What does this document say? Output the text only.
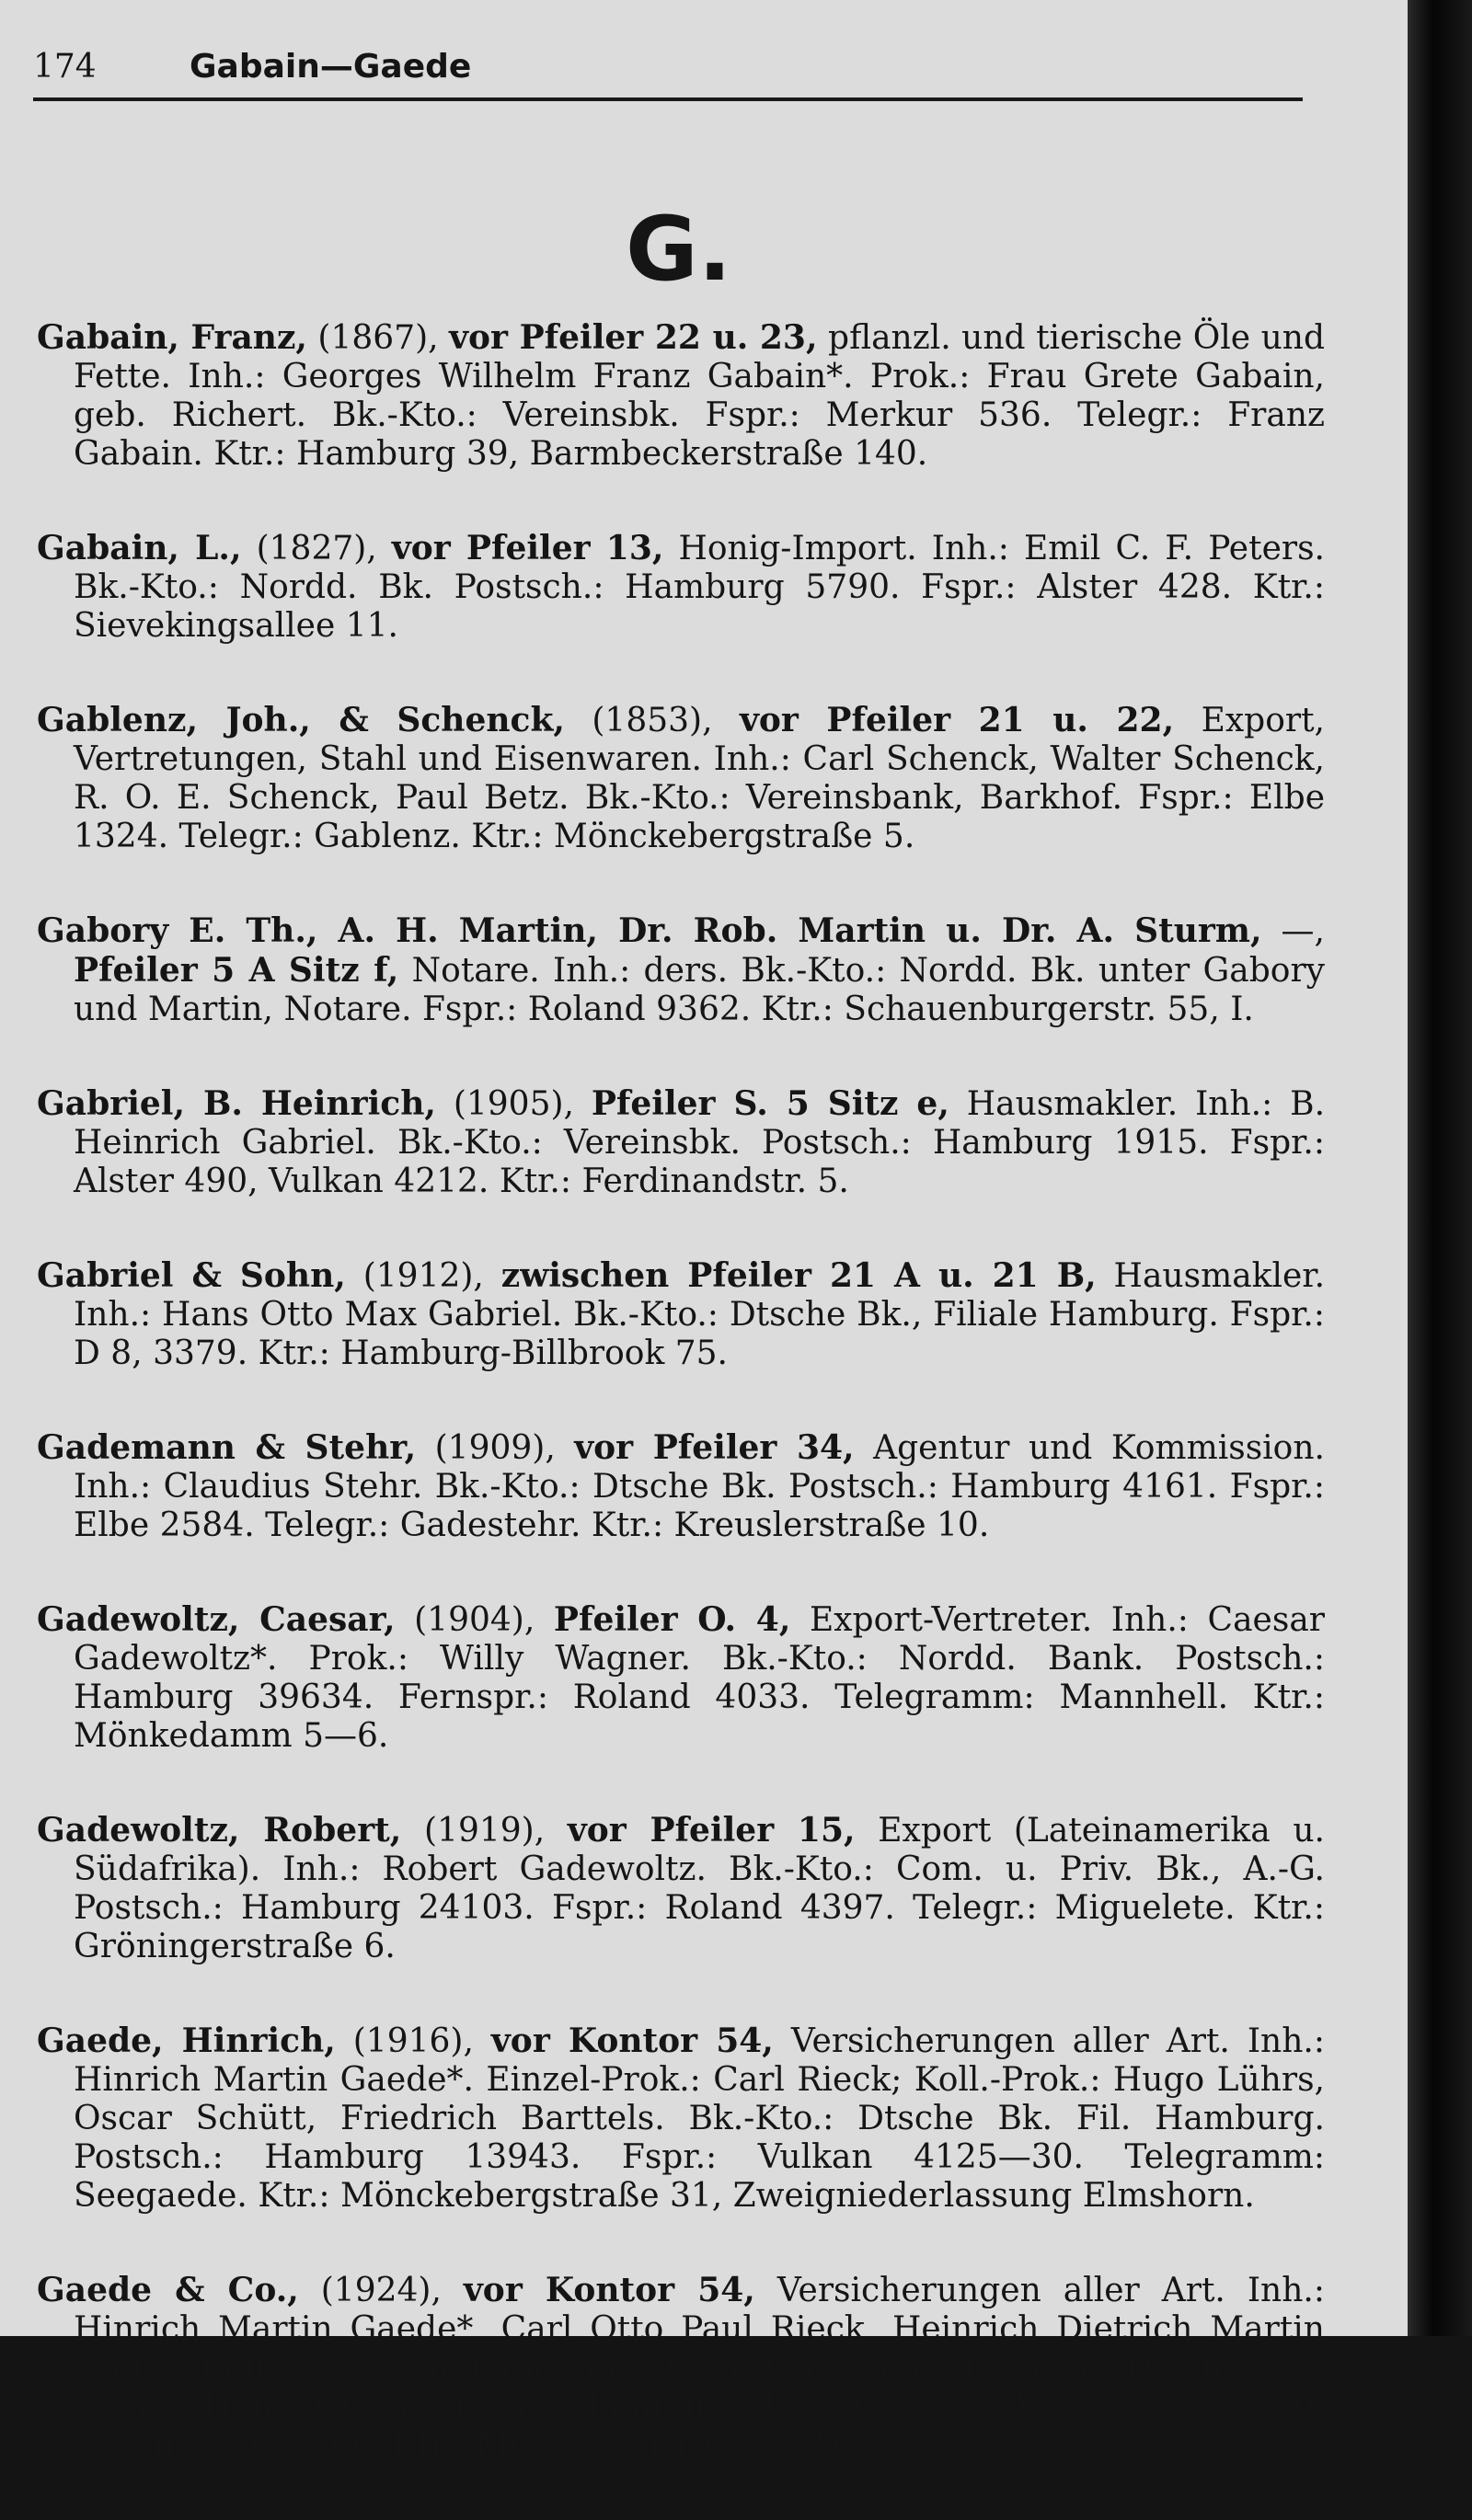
174	Gabain—Gaede
G.

Gabain, Franz, (1867), vor Pfeiler 22 u. 23, pflanzl. und tierische Öle und Fette. Inh.: Georges Wilhelm Franz Gabain*. Prok.: Frau Grete Gabain, geb. Richert. Bk.-Kto.: Vereinsbk. Fspr.: Merkur 536. Telegr.: Franz Gabain. Ktr.: Hamburg 39, Barmbeckerstraße 140.

Gabain, L., (1827), vor Pfeiler 13, Honig-Import. Inh.: Emil C. F. Peters. Bk.-Kto.: Nordd. Bk. Postsch.: Hamburg 5790. Fspr.: Alster 428. Ktr.: Sievekingsallee 11.

Gablenz, Joh., & Schenck, (1853), vor Pfeiler 21 u. 22, Export, Vertretungen, Stahl und Eisenwaren. Inh.: Carl Schenck, Walter Schenck, R. O. E. Schenck, Paul Betz. Bk.-Kto.: Vereinsbank, Barkhof. Fspr.: Elbe 1324. Telegr.: Gablenz. Ktr.: Mönckebergstraße 5.

Gabory E. Th., A. H. Martin, Dr. Rob. Martin u. Dr. A. Sturm, —, Pfeiler 5 A Sitz f, Notare. Inh.: ders. Bk.-Kto.: Nordd. Bk. unter Gabory und Martin, Notare. Fspr.: Roland 9362. Ktr.: Schauenburgerstr. 55, I.

Gabriel, B. Heinrich, (1905), Pfeiler S. 5 Sitz e, Hausmakler. Inh.: B. Heinrich Gabriel. Bk.-Kto.: Vereinsbk. Postsch.: Hamburg 1915. Fspr.: Alster 490, Vulkan 4212. Ktr.: Ferdinandstr. 5.

Gabriel & Sohn, (1912), zwischen Pfeiler 21 A u. 21 B, Hausmakler. Inh.: Hans Otto Max Gabriel. Bk.-Kto.: Dtsche Bk., Filiale Hamburg. Fspr.: D 8, 3379. Ktr.: Hamburg-Billbrook 75.

Gademann & Stehr, (1909), vor Pfeiler 34, Agentur und Kommission. Inh.: Claudius Stehr. Bk.-Kto.: Dtsche Bk. Postsch.: Hamburg 4161. Fspr.: Elbe 2584. Telegr.: Gadestehr. Ktr.: Kreuslerstraße 10.

Gadewoltz, Caesar, (1904), Pfeiler O. 4, Export-Vertreter. Inh.: Caesar Gadewoltz*. Prok.: Willy Wagner. Bk.-Kto.: Nordd. Bank. Postsch.: Hamburg 39634. Fernspr.: Roland 4033. Telegramm: Mannhell. Ktr.: Mönkedamm 5—6.

Gadewoltz, Robert, (1919), vor Pfeiler 15, Export (Lateinamerika u. Südafrika). Inh.: Robert Gadewoltz. Bk.-Kto.: Com. u. Priv. Bk., A.-G. Postsch.: Hamburg 24103. Fspr.: Roland 4397. Telegr.: Miguelete. Ktr.: Gröningerstraße 6.

Gaede, Hinrich, (1916), vor Kontor 54, Versicherungen aller Art. Inh.: Hinrich Martin Gaede*. Einzel-Prok.: Carl Rieck; Koll.-Prok.: Hugo Lührs, Oscar Schütt, Friedrich Barttels. Bk.-Kto.: Dtsche Bk. Fil. Hamburg. Postsch.: Hamburg 13943. Fspr.: Vulkan 4125—30. Telegramm: Seegaede. Ktr.: Mönckebergstraße 31, Zweigniederlassung Elmshorn.

Gaede & Co., (1924), vor Kontor 54, Versicherungen aller Art. Inh.: Hinrich Martin Gaede*, Carl Otto Paul Rieck, Heinrich Dietrich Martin Pralle. Koll.-Prok.: Emil Richter, Oscar Warnstedt. Bk.-Kto.: Dtsche Bk., Filiale Hamburg. Postsch.: Hamburg 47879. Fspr.: Vulkan 4125—30. Telegr.: Seegaede. Ktr.: Mönckebergstraße 31.
